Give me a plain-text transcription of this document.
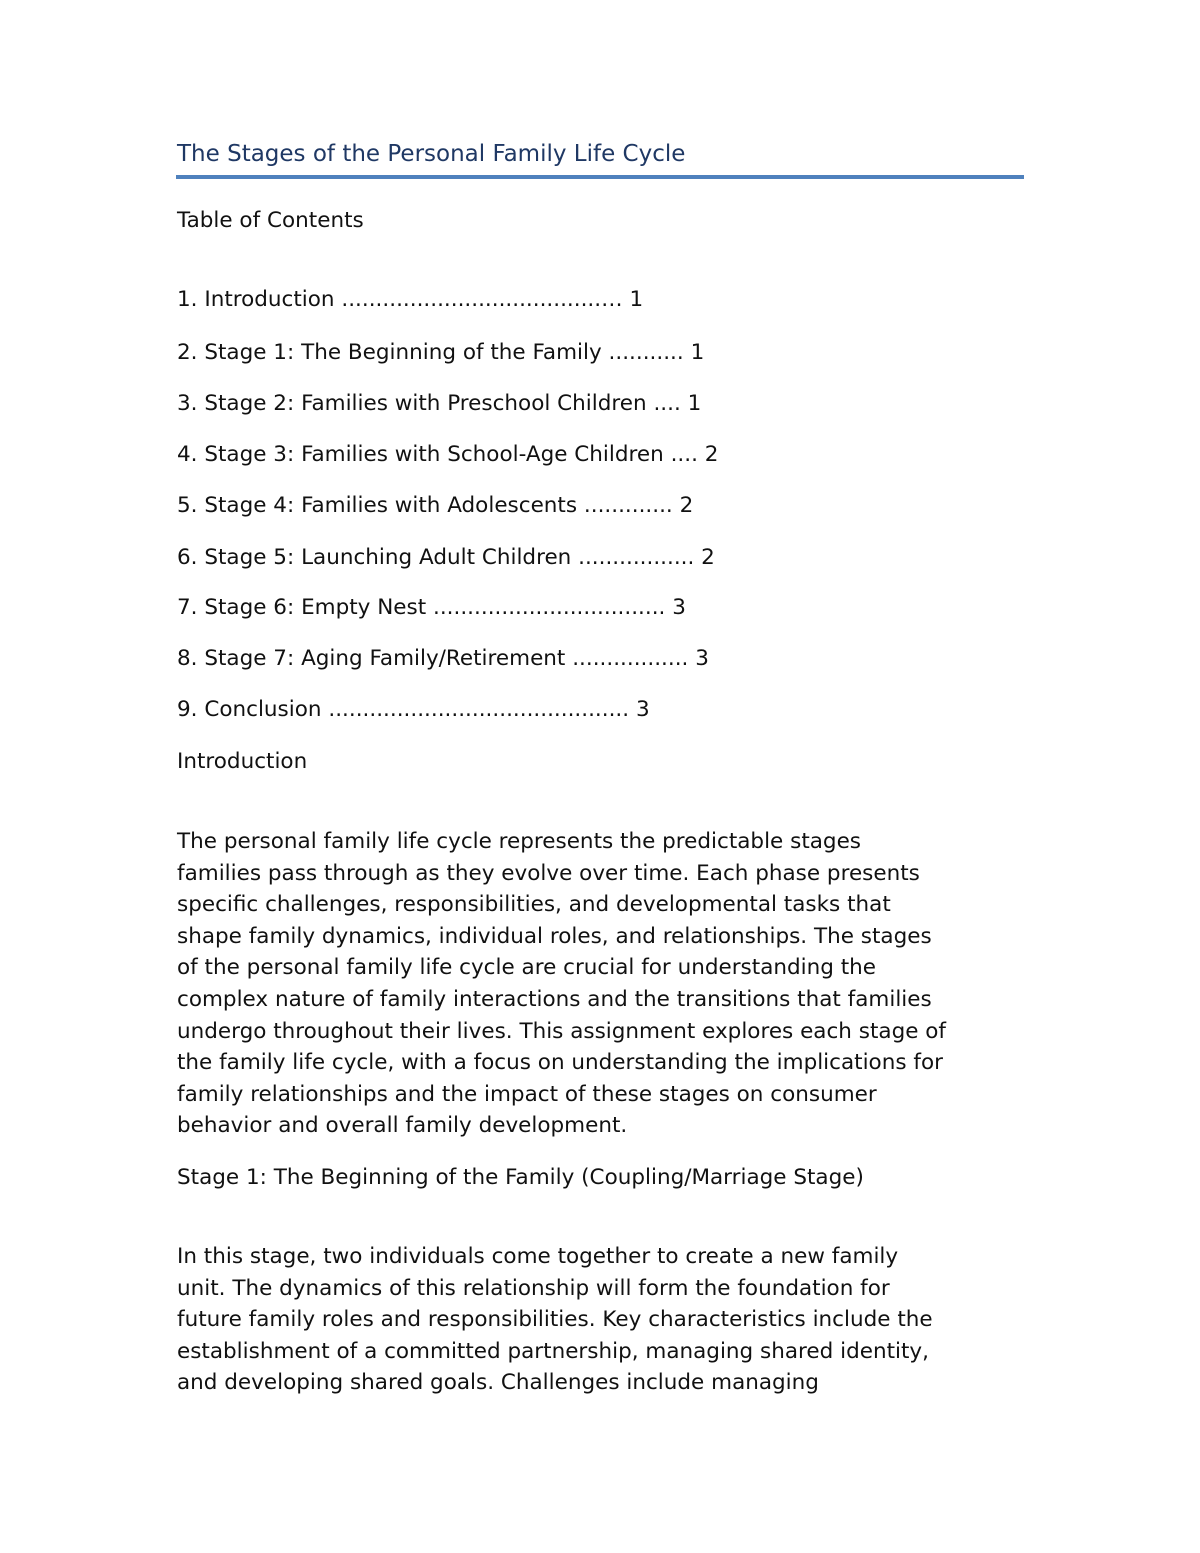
The Stages of the Personal Family Life Cycle
Table of Contents
1. Introduction ......................................… 1
2. Stage 1: The Beginning of the Family ........... 1
3. Stage 2: Families with Preschool Children .... 1
4. Stage 3: Families with School-Age Children .... 2
5. Stage 4: Families with Adolescents ............. 2
6. Stage 5: Launching Adult Children ................. 2
7. Stage 6: Empty Nest .................................. 3
8. Stage 7: Aging Family/Retirement ................. 3
9. Conclusion ............................................ 3
Introduction
The personal family life cycle represents the predictable stages
families pass through as they evolve over time. Each phase presents
specific challenges, responsibilities, and developmental tasks that
shape family dynamics, individual roles, and relationships. The stages
of the personal family life cycle are crucial for understanding the
complex nature of family interactions and the transitions that families
undergo throughout their lives. This assignment explores each stage of
the family life cycle, with a focus on understanding the implications for
family relationships and the impact of these stages on consumer
behavior and overall family development.
Stage 1: The Beginning of the Family (Coupling/Marriage Stage)
In this stage, two individuals come together to create a new family
unit. The dynamics of this relationship will form the foundation for
future family roles and responsibilities. Key characteristics include the
establishment of a committed partnership, managing shared identity,
and developing shared goals. Challenges include managing
